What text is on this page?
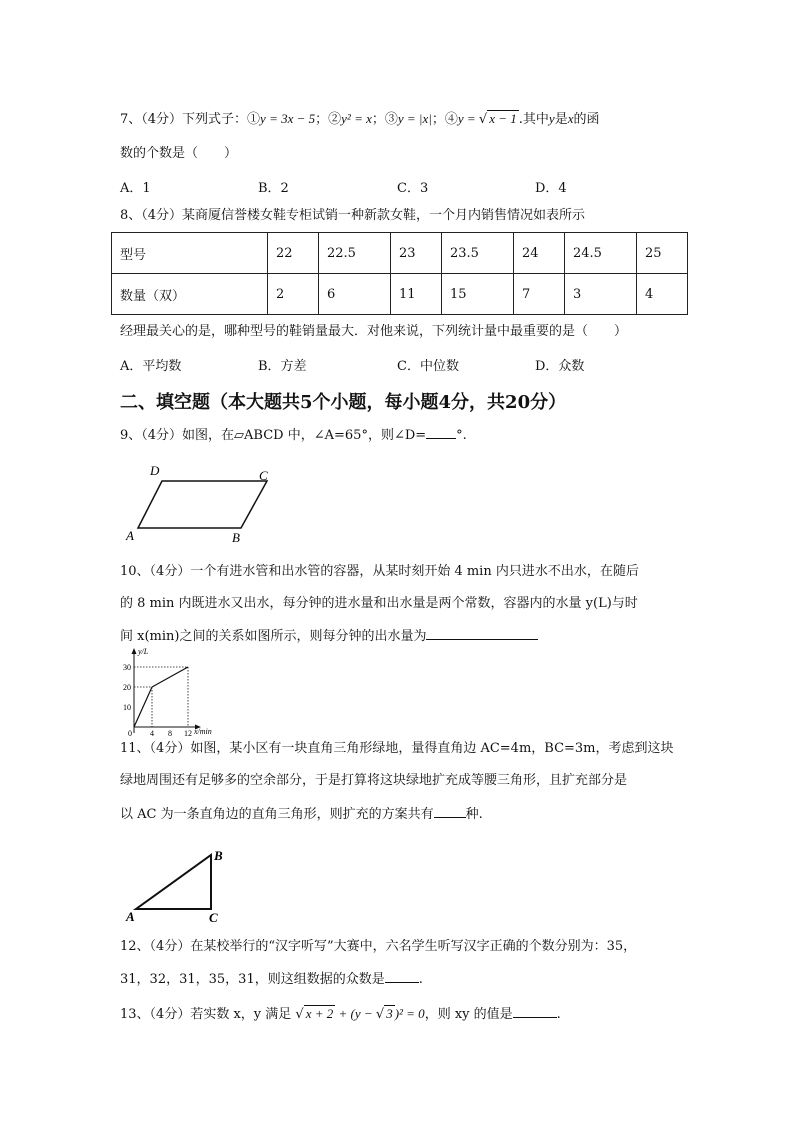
7、（4分）下列式子：①y = 3x − 5；②y² = x；③y = |x|；④y = √ x − 1 .其中y是x的函
数的个数是（　　）
A．1	B．2	C．3	D．4
8、（4分）某商厦信誉楼女鞋专柜试销一种新款女鞋，一个月内销售情况如表所示
型号	22	22.5	23	23.5	24	24.5	25
数量（双）	2	6	11	15	7	3	4
经理最关心的是，哪种型号的鞋销量最大．对他来说，下列统计量中最重要的是（　　）
A．平均数	B．方差	C．中位数	D．众数
二、填空题（本大题共5个小题，每小题4分，共20分）
9、（4分）如图，在▱ABCD 中，∠A=65°，则∠D= °.
D	C
A	B
10、（4分）一个有进水管和出水管的容器，从某时刻开始 4 min 内只进水不出水，在随后
的 8 min 内既进水又出水，每分钟的进水量和出水量是两个常数，容器内的水量 y(L)与时
间 x(min)之间的关系如图所示，则每分钟的出水量为
y/L
x/min
10
20
30
0 4 8 12
11、（4分）如图，某小区有一块直角三角形绿地，量得直角边 AC=4m，BC=3m，考虑到这块
绿地周围还有足够多的空余部分，于是打算将这块绿地扩充成等腰三角形，且扩充部分是
以 AC 为一条直角边的直角三角形，则扩充的方案共有 种.
B
A	C
12、（4分）在某校举行的“汉字听写”大赛中，六名学生听写汉字正确的个数分别为：35，
31，32，31，35，31，则这组数据的众数是	.
13、（4分）若实数 x，y 满足 √ x + 2 + (y − √ 3 )² = 0，则 xy 的值是	.
